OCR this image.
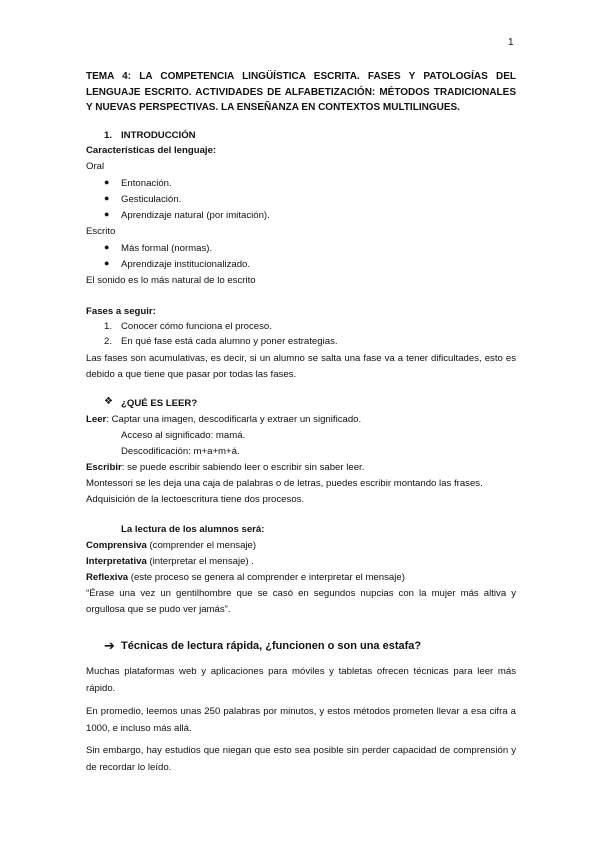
1
TEMA 4: LA COMPETENCIA LINGÜÍSTICA ESCRITA. FASES Y PATOLOGÍAS DEL LENGUAJE ESCRITO. ACTIVIDADES DE ALFABETIZACIÓN: MÉTODOS TRADICIONALES Y NUEVAS PERSPECTIVAS. LA ENSEÑANZA EN CONTEXTOS MULTILINGUES.
1. INTRODUCCIÓN
Características del lenguaje:
Oral
● Entonación.
● Gesticulación.
● Aprendizaje natural (por imitación).
Escrito
● Más formal (normas).
● Aprendizaje institucionalizado.
El sonido es lo más natural de lo escrito
Fases a seguir:
1. Conocer cómo funciona el proceso.
2. En qué fase está cada alumno y poner estrategias.
Las fases son acumulativas, es decir, si un alumno se salta una fase va a tener dificultades, esto es debido a que tiene que pasar por todas las fases.
❖ ¿QUÉ ES LEER?
Leer: Captar una imagen, descodificarla y extraer un significado.
Acceso al significado: mamá.
Descodificación: m+a+m+á.
Escribir: se puede escribir sabiendo leer o escribir sin saber leer.
Montessori se les deja una caja de palabras o de letras, puedes escribir montando las frases.
Adquisición de la lectoescritura tiene dos procesos.
La lectura de los alumnos será:
Comprensiva (comprender el mensaje)
Interpretativa (interpretar el mensaje) .
Reflexiva (este proceso se genera al comprender e interpretar el mensaje)
“Érase una vez un gentilhombre que se casó en segundos nupcias con la mujer más altiva y orgullosa que se pudo ver jamás”.
➔ Técnicas de lectura rápida, ¿funcionen o son una estafa?
Muchas plataformas web y aplicaciones para móviles y tabletas ofrecen técnicas para leer más rápido.
En promedio, leemos unas 250 palabras por minutos, y estos métodos prometen llevar a esa cifra a 1000, e incluso más allá.
Sin embargo, hay estudios que niegan que esto sea posible sin perder capacidad de comprensión y de recordar lo leído.
